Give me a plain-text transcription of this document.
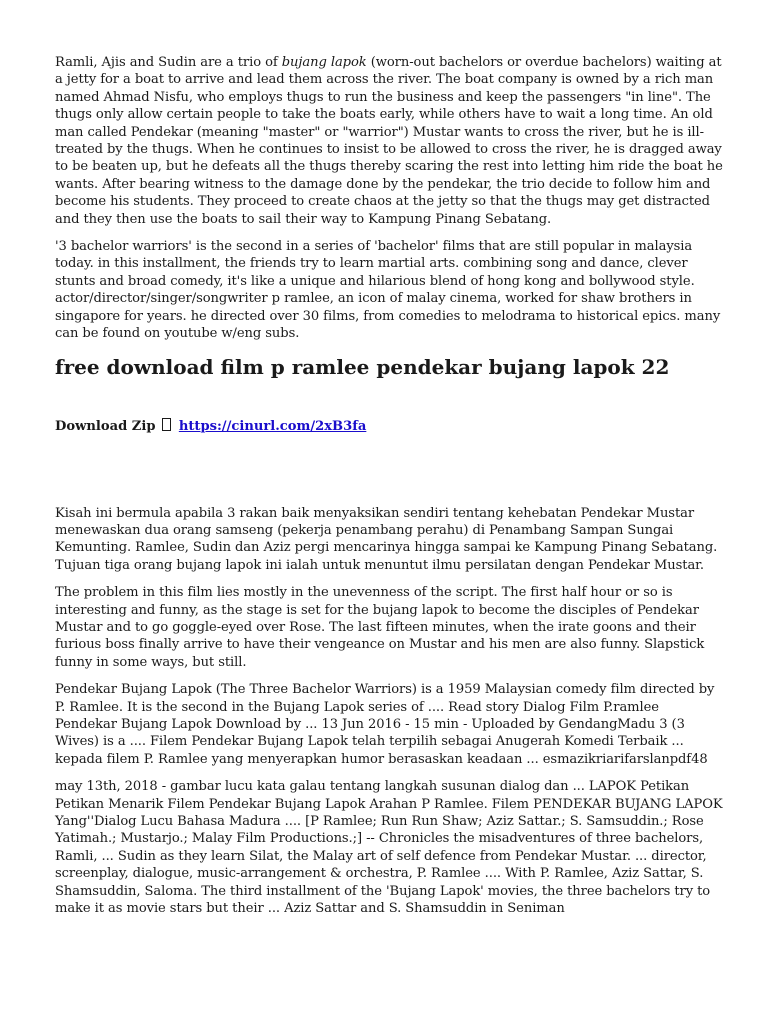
Ramli, Ajis and Sudin are a trio of bujang lapok (worn-out bachelors or overdue bachelors) waiting at a jetty for a boat to arrive and lead them across the river. The boat company is owned by a rich man named Ahmad Nisfu, who employs thugs to run the business and keep the passengers "in line". The thugs only allow certain people to take the boats early, while others have to wait a long time. An old man called Pendekar (meaning "master" or "warrior") Mustar wants to cross the river, but he is ill-treated by the thugs. When he continues to insist to be allowed to cross the river, he is dragged away to be beaten up, but he defeats all the thugs thereby scaring the rest into letting him ride the boat he wants. After bearing witness to the damage done by the pendekar, the trio decide to follow him and become his students. They proceed to create chaos at the jetty so that the thugs may get distracted and they then use the boats to sail their way to Kampung Pinang Sebatang.

'3 bachelor warriors' is the second in a series of 'bachelor' films that are still popular in malaysia today. in this installment, the friends try to learn martial arts. combining song and dance, clever stunts and broad comedy, it's like a unique and hilarious blend of hong kong and bollywood style. actor/director/singer/songwriter p ramlee, an icon of malay cinema, worked for shaw brothers in singapore for years. he directed over 30 films, from comedies to melodrama to historical epics. many can be found on youtube w/eng subs.

free download film p ramlee pendekar bujang lapok 22
Download Zip https://cinurl.com/2xB3fa

Kisah ini bermula apabila 3 rakan baik menyaksikan sendiri tentang kehebatan Pendekar Mustar menewaskan dua orang samseng (pekerja penambang perahu) di Penambang Sampan Sungai Kemunting. Ramlee, Sudin dan Aziz pergi mencarinya hingga sampai ke Kampung Pinang Sebatang. Tujuan tiga orang bujang lapok ini ialah untuk menuntut ilmu persilatan dengan Pendekar Mustar.

The problem in this film lies mostly in the unevenness of the script. The first half hour or so is interesting and funny, as the stage is set for the bujang lapok to become the disciples of Pendekar Mustar and to go goggle-eyed over Rose. The last fifteen minutes, when the irate goons and their furious boss finally arrive to have their vengeance on Mustar and his men are also funny. Slapstick funny in some ways, but still.

Pendekar Bujang Lapok (The Three Bachelor Warriors) is a 1959 Malaysian comedy film directed by P. Ramlee. It is the second in the Bujang Lapok series of .... Read story Dialog Film P.ramlee Pendekar Bujang Lapok Download by ... 13 Jun 2016 - 15 min - Uploaded by GendangMadu 3 (3 Wives) is a .... Filem Pendekar Bujang Lapok telah terpilih sebagai Anugerah Komedi Terbaik ... kepada filem P. Ramlee yang menyerapkan humor berasaskan keadaan ... esmazikriarifarslanpdf48

may 13th, 2018 - gambar lucu kata galau tentang langkah susunan dialog dan ... LAPOK Petikan Petikan Menarik Filem Pendekar Bujang Lapok Arahan P Ramlee. Filem PENDEKAR BUJANG LAPOK Yang''Dialog Lucu Bahasa Madura .... [P Ramlee; Run Run Shaw; Aziz Sattar.; S. Samsuddin.; Rose Yatimah.; Mustarjo.; Malay Film Productions.;] -- Chronicles the misadventures of three bachelors, Ramli, ... Sudin as they learn Silat, the Malay art of self defence from Pendekar Mustar. ... director, screenplay, dialogue, music-arrangement & orchestra, P. Ramlee .... With P. Ramlee, Aziz Sattar, S. Shamsuddin, Saloma. The third installment of the 'Bujang Lapok' movies, the three bachelors try to make it as movie stars but their ... Aziz Sattar and S. Shamsuddin in Seniman
